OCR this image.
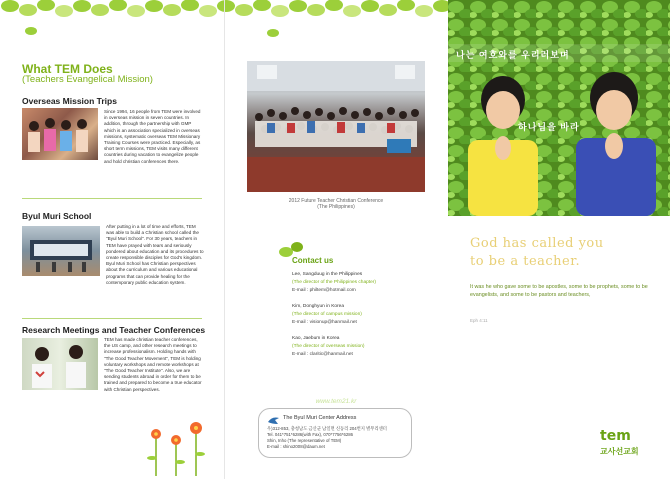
What TEM Does
(Teachers Evangelical Mission)
Overseas Mission Trips
Since 1994, 16 people from TEM were involved in overseas mission in seven countries. In addition, through the partnership with GMP which is an association specialized in overseas missions, systematic overseas TEM Missionary Training Courses were practiced. Especially, as short term missions, TEM visits many different countries during vacation to evangelize people and hold christian conferences there.
Byul Muri School
After putting in a lot of time and efforts, TEM was able to build a Christian school called the "Byul Muri School". For 30 years, teachers in TEM have prayed with tears and seriously pondered about education and its procedures to create responsible disciples for God's kingdom. Byul Muri School has Christian perspectives about the curriculum and various educational programs that can provide healing for the contemporary public education system.
Research Meetings and Teacher Conferences
TEM has made christian teacher conferences, the US camp, and other research meetings to increase professionalism. Holding hands with "The Good Teacher Movement", TEM is holding voluntary workshops and remote workshops at "The Good Teacher Institute". Also, we are sending students abroad in order for them to be trained and prepared to become a true educator with Christian perspectives.
2012 Future Teacher Christian Conference
(The Philippines)
Contact us
Lee, Sangduug in the Philippines
(The director of the Philippines chapter)
E-mail : philtem@hotmail.com
Kim, Donghyun in Korea
(The director of campus mission)
E-mail : visionup@hanmail.net
Kao, Jaebum in Korea
(The director of overseas mission)
E-mail : claritic@hanmail.net
www.tem21.kr
The Byul Muri Center Address
우)312-853, 충청남도 금산군 남일면 신동리 204번지 별무리센터
Tel. 041*751*6286(with Fax), 070*7756*6286
Shin, Inho (The representative of TEM)
E-mail : shino2008@daum.net
나는 여호와를 우리러보며
하나님을 바라
God has called you
to be a teacher.
It was he who gave some to be apostles, some to be prophets, some to be evangelists, and some to be pastors and teachers,
Eph 4:11
tem
교사선교회
